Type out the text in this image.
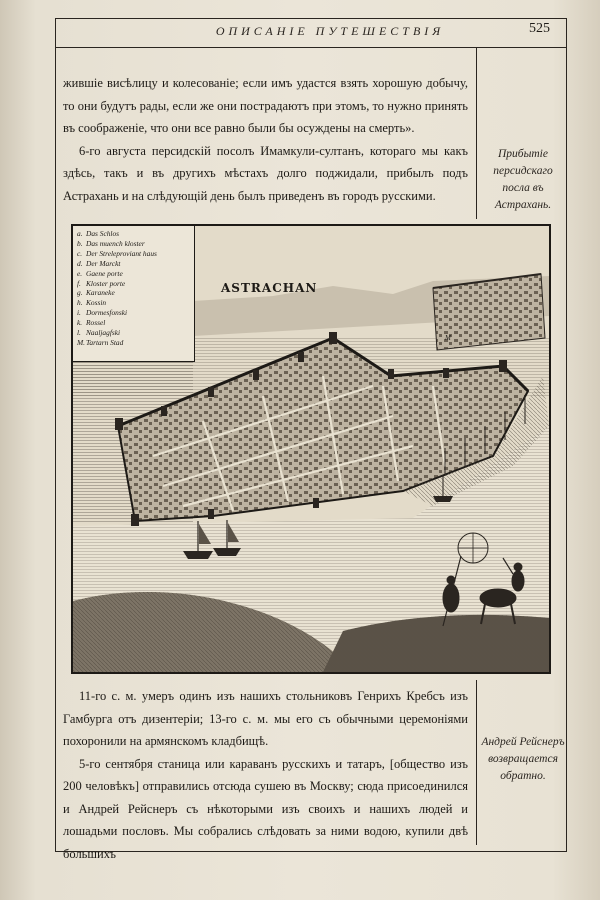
ОПИСАНІЕ ПУТЕШЕСТВІЯ	525

жившіе висѣлицу и колесованіе; если имъ удастся взять хорошую добычу, то они будутъ рады, если же они пострадаютъ при этомъ, то нужно принять въ соображеніе, что они все равно были бы осуждены на смерть».

6-го августа персидскій посолъ Имамкули-султанъ, котораго мы какъ здѣсь, такъ и въ другихъ мѣстахъ долго поджидали, прибылъ подъ Астрахань и на слѣдующій день былъ приведенъ въ городъ русскими.

Прибытіе персидскаго посла въ Астрахань.
a. Das Schlos
b. Das muench kloster
c. Der Streleproviant haus
d. Der Marckt
e. Gaene porte
f. Kloster porte
g. Karaneke
h. Kossin
i. Dormesfonski
k. Rossel
l. Naaljagfski
M.Tartarn Stad
ASTRACHAN
M

11-го с. м. умеръ одинъ изъ нашихъ стольниковъ Генрихъ Кребсъ изъ Гамбурга отъ дизентеріи; 13-го с. м. мы его съ обычными церемоніями похоронили на армянскомъ кладбищѣ.

5-го сентября станица или караванъ русскихъ и татаръ, [общество изъ 200 человѣкъ] отправились отсюда сушею въ Москву; сюда присоединился и Андрей Рейснеръ съ нѣкоторыми изъ своихъ и нашихъ людей и лошадьми пословъ. Мы собрались слѣдовать за ними водою, купили двѣ большихъ

Андрей Рейснеръ возвращается обратно.
